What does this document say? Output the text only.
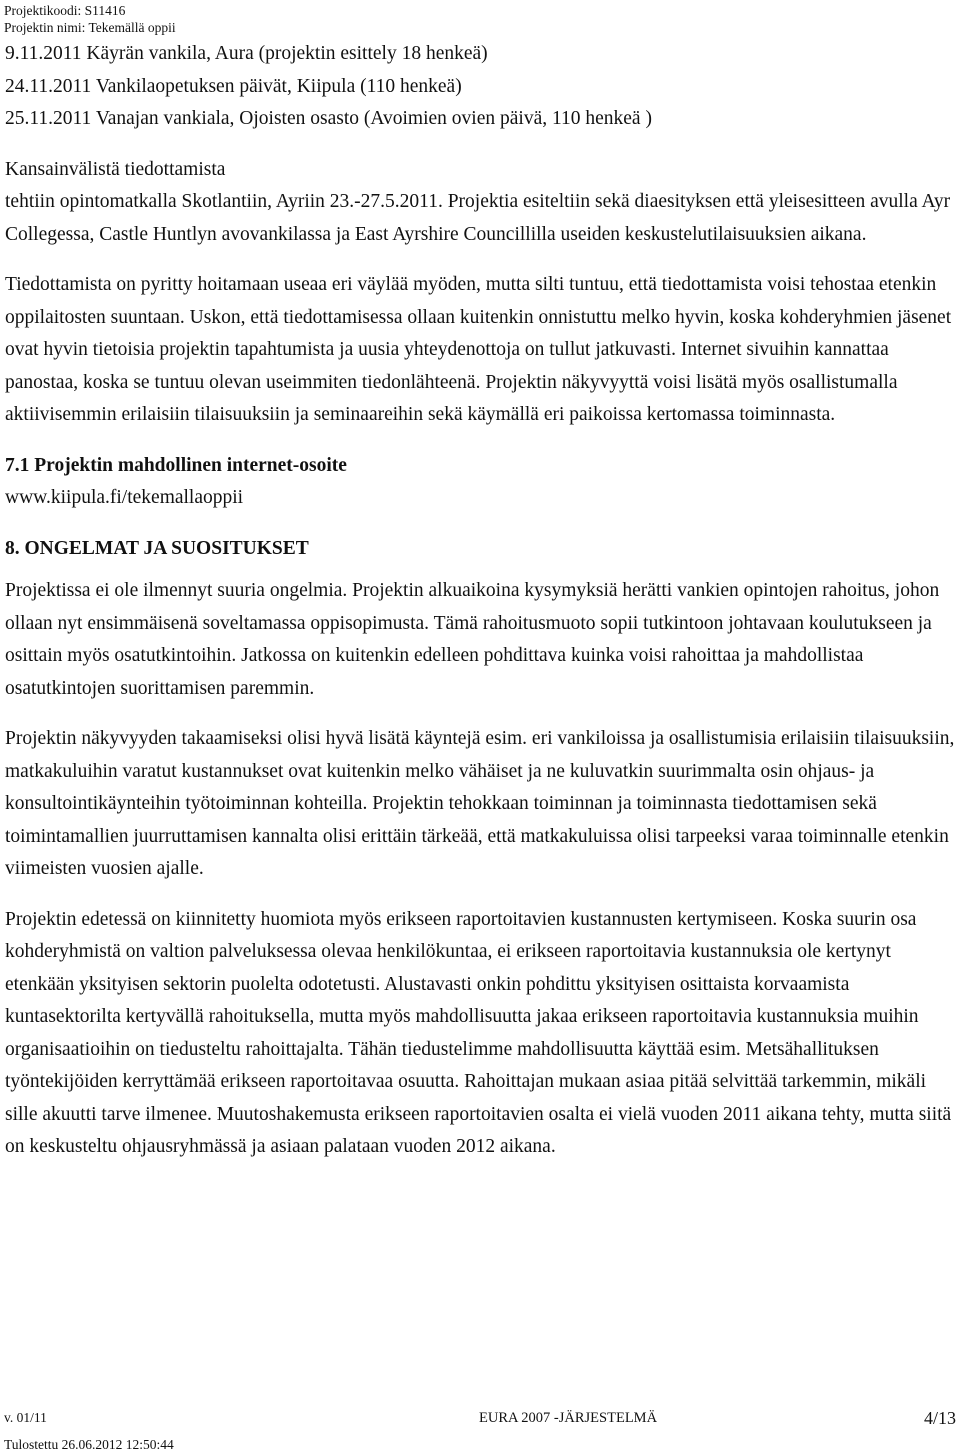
Projektikoodi: S11416
Projektin nimi: Tekemällä oppii
9.11.2011 Käyrän vankila, Aura (projektin esittely 18 henkeä)
24.11.2011 Vankilaopetuksen päivät, Kiipula (110 henkeä)
25.11.2011 Vanajan vankiala, Ojoisten osasto (Avoimien ovien päivä, 110 henkeä )
Kansainvälistä tiedottamista
tehtiin opintomatkalla Skotlantiin, Ayriin 23.-27.5.2011. Projektia esiteltiin sekä diaesityksen että yleisesitteen avulla Ayr Collegessa, Castle Huntlyn avovankilassa ja East Ayrshire Councillilla useiden keskustelutilaisuuksien aikana.
Tiedottamista on pyritty hoitamaan useaa eri väylää myöden, mutta silti tuntuu, että tiedottamista voisi tehostaa etenkin oppilaitosten suuntaan. Uskon, että tiedottamisessa ollaan kuitenkin onnistuttu melko hyvin, koska kohderyhmien jäsenet ovat hyvin tietoisia projektin tapahtumista ja uusia yhteydenottoja on tullut jatkuvasti. Internet sivuihin kannattaa panostaa, koska se tuntuu olevan useimmiten tiedonlähteenä. Projektin näkyvyyttä voisi lisätä myös osallistumalla aktiivisemmin erilaisiin tilaisuuksiin ja seminaareihin sekä käymällä eri paikoissa kertomassa toiminnasta.
7.1 Projektin mahdollinen internet-osoite
www.kiipula.fi/tekemallaoppii
8. ONGELMAT JA SUOSITUKSET
Projektissa ei ole ilmennyt suuria ongelmia. Projektin alkuaikoina kysymyksiä herätti vankien opintojen rahoitus, johon ollaan nyt ensimmäisenä soveltamassa oppisopimusta. Tämä rahoitusmuoto sopii tutkintoon johtavaan koulutukseen ja osittain myös osatutkintoihin. Jatkossa on kuitenkin edelleen pohdittava kuinka voisi rahoittaa ja mahdollistaa osatutkintojen suorittamisen paremmin.
Projektin näkyvyyden takaamiseksi olisi hyvä lisätä käyntejä esim. eri vankiloissa ja osallistumisia erilaisiin tilaisuuksiin, matkakuluihin varatut kustannukset ovat kuitenkin melko vähäiset ja ne kuluvatkin suurimmalta osin ohjaus- ja konsultointikäynteihin työtoiminnan kohteilla. Projektin tehokkaan toiminnan ja toiminnasta tiedottamisen sekä toimintamallien juurruttamisen kannalta olisi erittäin tärkeää, että matkakuluissa olisi tarpeeksi varaa toiminnalle etenkin viimeisten vuosien ajalle.
Projektin edetessä on kiinnitetty huomiota myös erikseen raportoitavien kustannusten kertymiseen. Koska suurin osa kohderyhmistä on valtion palveluksessa olevaa henkilökuntaa, ei erikseen raportoitavia kustannuksia ole kertynyt etenkään yksityisen sektorin puolelta odotetusti. Alustavasti onkin pohdittu yksityisen osittaista korvaamista kuntasektorilta kertyvällä rahoituksella, mutta myös mahdollisuutta jakaa erikseen raportoitavia kustannuksia muihin organisaatioihin on tiedusteltu rahoittajalta. Tähän tiedustelimme mahdollisuutta käyttää esim. Metsähallituksen työntekijöiden kerryttämää erikseen raportoitavaa osuutta. Rahoittajan mukaan asiaa pitää selvittää tarkemmin, mikäli sille akuutti tarve ilmenee. Muutoshakemusta erikseen raportoitavien osalta ei vielä vuoden 2011 aikana tehty, mutta siitä on keskusteltu ohjausryhmässä ja asiaan palataan vuoden 2012 aikana.
v. 01/11	EURA 2007 -JÄRJESTELMÄ	4/13
Tulostettu 26.06.2012 12:50:44
